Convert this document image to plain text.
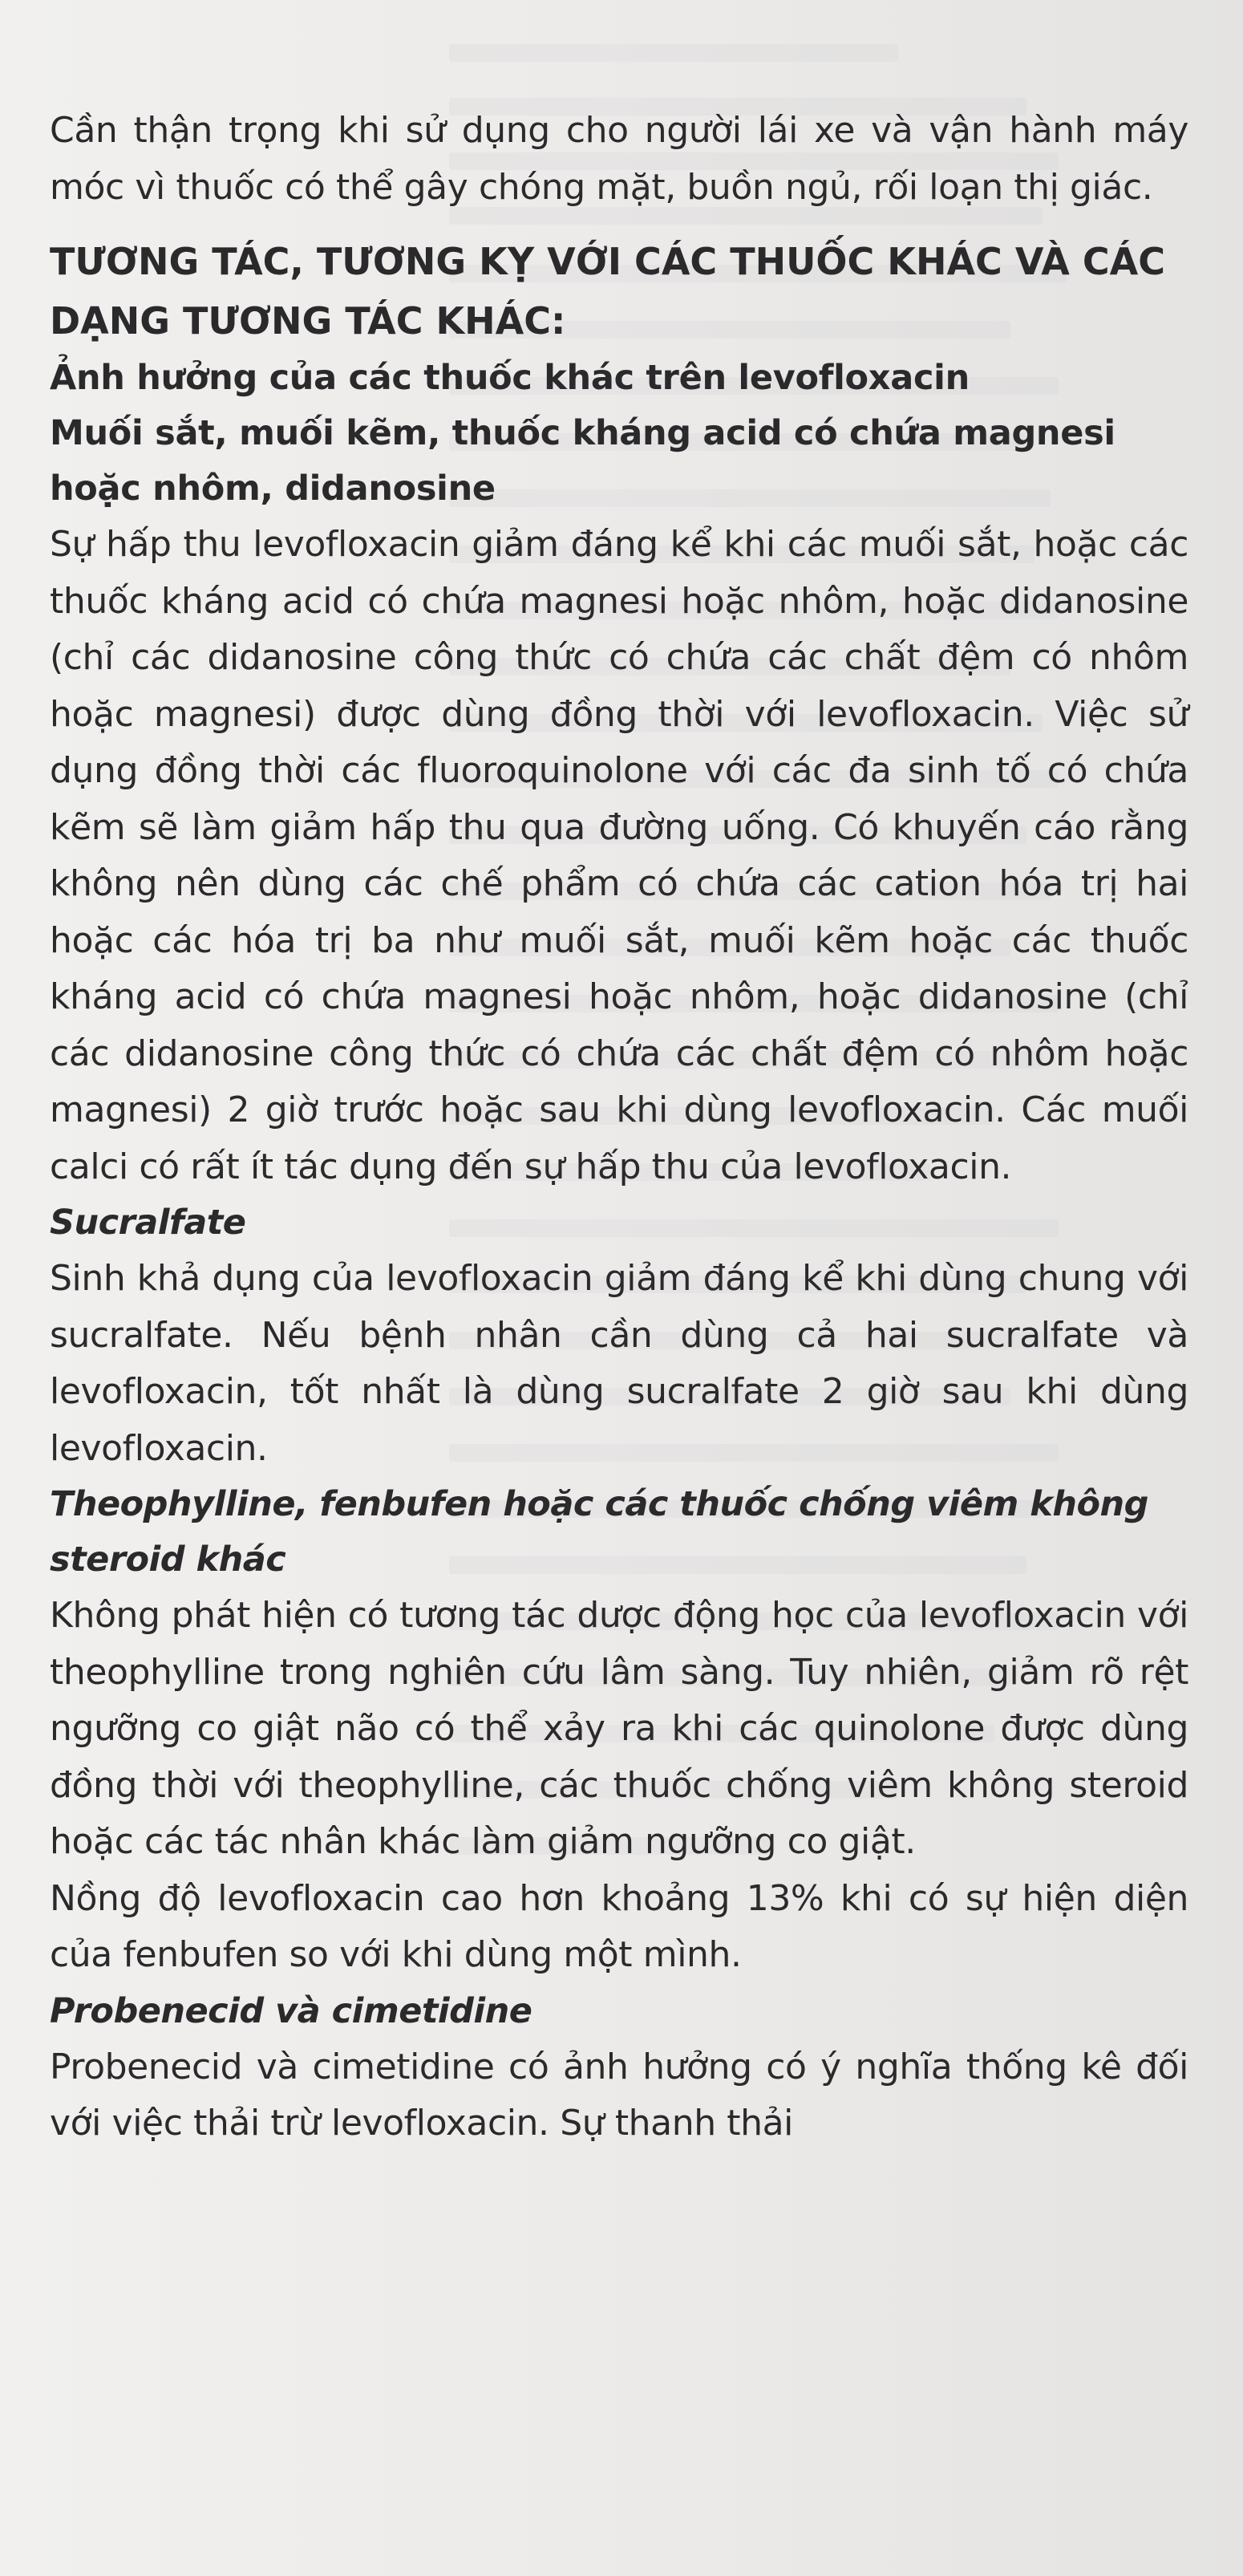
Cần thận trọng khi sử dụng cho người lái xe và vận hành máy móc vì thuốc có thể gây chóng mặt, buồn ngủ, rối loạn thị giác.

TƯƠNG TÁC, TƯƠNG KỴ VỚI CÁC THUỐC KHÁC VÀ CÁC DẠNG TƯƠNG TÁC KHÁC:

Ảnh hưởng của các thuốc khác trên levofloxacin

Muối sắt, muối kẽm, thuốc kháng acid có chứa magnesi hoặc nhôm, didanosine

Sự hấp thu levofloxacin giảm đáng kể khi các muối sắt, hoặc các thuốc kháng acid có chứa magnesi hoặc nhôm, hoặc didanosine (chỉ các didanosine công thức có chứa các chất đệm có nhôm hoặc magnesi) được dùng đồng thời với levofloxacin. Việc sử dụng đồng thời các fluoroquinolone với các đa sinh tố có chứa kẽm sẽ làm giảm hấp thu qua đường uống. Có khuyến cáo rằng không nên dùng các chế phẩm có chứa các cation hóa trị hai hoặc các hóa trị ba như muối sắt, muối kẽm hoặc các thuốc kháng acid có chứa magnesi hoặc nhôm, hoặc didanosine (chỉ các didanosine công thức có chứa các chất đệm có nhôm hoặc magnesi) 2 giờ trước hoặc sau khi dùng levofloxacin. Các muối calci có rất ít tác dụng đến sự hấp thu của levofloxacin.

Sucralfate

Sinh khả dụng của levofloxacin giảm đáng kể khi dùng chung với sucralfate. Nếu bệnh nhân cần dùng cả hai sucralfate và levofloxacin, tốt nhất là dùng sucralfate 2 giờ sau khi dùng levofloxacin.

Theophylline, fenbufen hoặc các thuốc chống viêm không steroid khác

Không phát hiện có tương tác dược động học của levofloxacin với theophylline trong nghiên cứu lâm sàng. Tuy nhiên, giảm rõ rệt ngưỡng co giật não có thể xảy ra khi các quinolone được dùng đồng thời với theophylline, các thuốc chống viêm không steroid hoặc các tác nhân khác làm giảm ngưỡng co giật.

Nồng độ levofloxacin cao hơn khoảng 13% khi có sự hiện diện của fenbufen so với khi dùng một mình.

Probenecid và cimetidine

Probenecid và cimetidine có ảnh hưởng có ý nghĩa thống kê đối với việc thải trừ levofloxacin. Sự thanh thải
